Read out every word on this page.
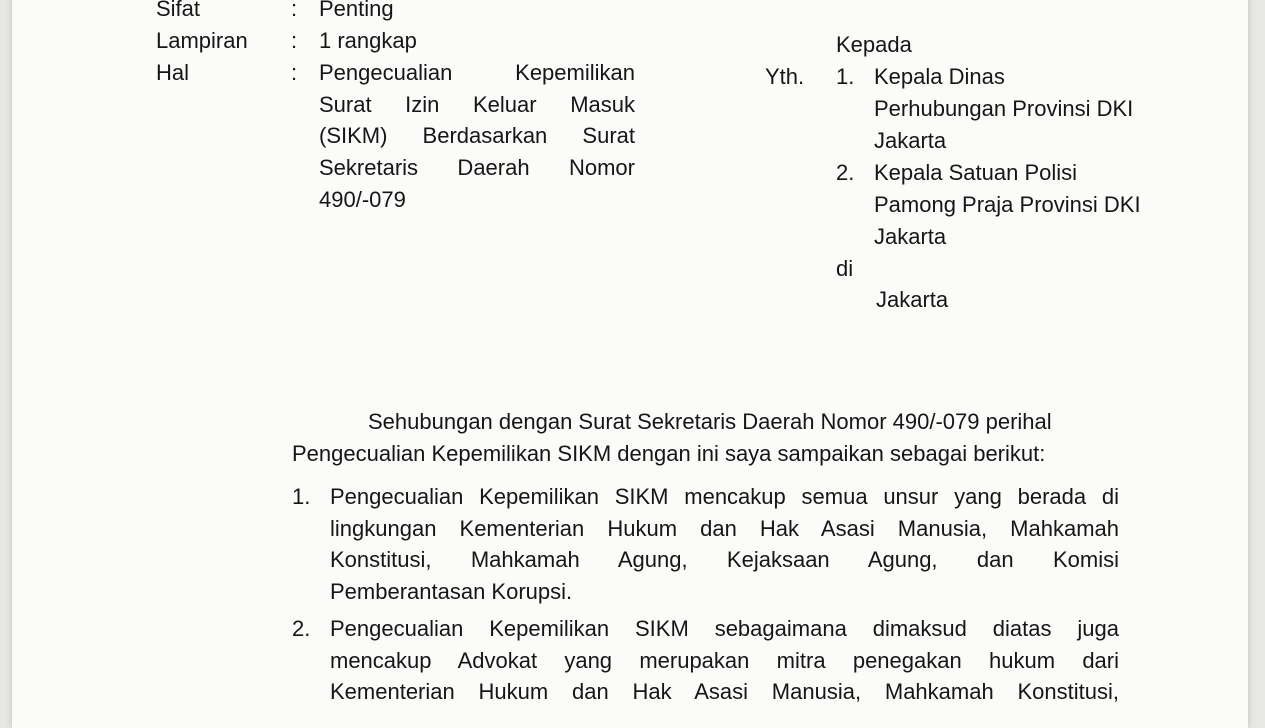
Sifat	: Penting
Lampiran : 1 rangkap
Hal	: Pengecualian Kepemilikan
Surat Izin Keluar Masuk
(SIKM) Berdasarkan Surat
Sekretaris Daerah Nomor
490/-079
Kepada
Yth. 1. Kepala Dinas
Perhubungan Provinsi DKI
Jakarta
2. Kepala Satuan Polisi
Pamong Praja Provinsi DKI
Jakarta
di
Jakarta
Sehubungan dengan Surat Sekretaris Daerah Nomor 490/-079 perihal
Pengecualian Kepemilikan SIKM dengan ini saya sampaikan sebagai berikut:
1. Pengecualian Kepemilikan SIKM mencakup semua unsur yang berada di
lingkungan Kementerian Hukum dan Hak Asasi Manusia, Mahkamah
Konstitusi, Mahkamah Agung, Kejaksaan Agung, dan Komisi
Pemberantasan Korupsi.
2. Pengecualian Kepemilikan SIKM sebagaimana dimaksud diatas juga
mencakup Advokat yang merupakan mitra penegakan hukum dari
Kementerian Hukum dan Hak Asasi Manusia, Mahkamah Konstitusi,
